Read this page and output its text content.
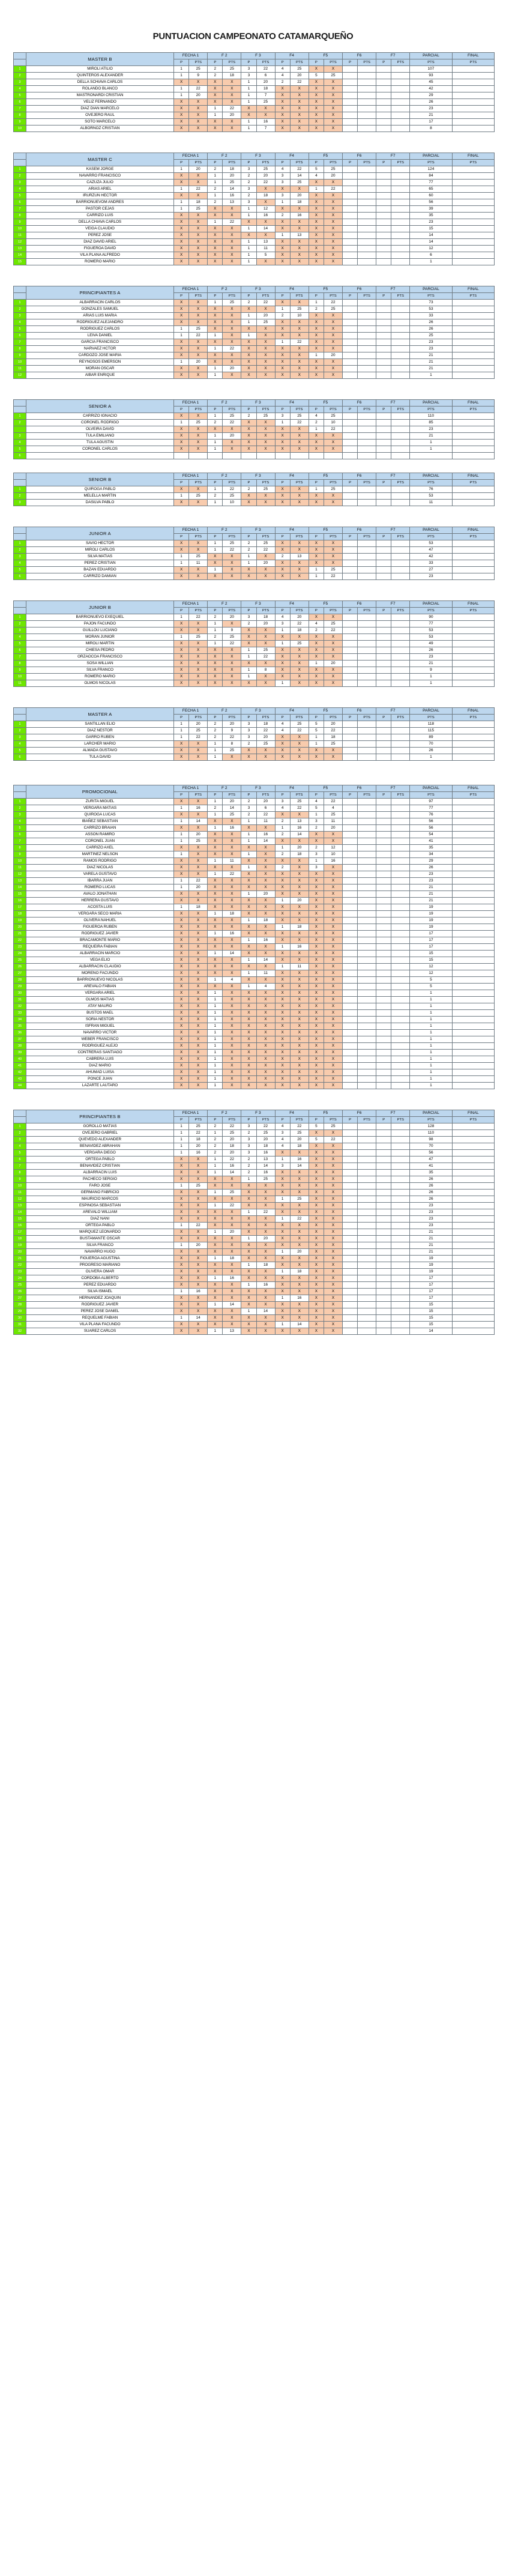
PUNTUACION CAMPEONATO CATAMARQUEÑO
	MASTER B	FECHA 1		F 2		F 3		F4		F5		F6		F7		PARCIAL	FINAL
		P	PTS	P	PTS	P	PTS	P	PTS	P	PTS	P	PTS	P	PTS	PTS	PTS
1	MIROLI ATILIO	1	25	2	25	3	22	4	25	X	X					107	
2	QUINTEROS ALEXANDER	1	9	2	18	3	6	4	20	5	25					93	
3	DELLA SCHIAVA CARLOS	X	X	X	X	1	20	2	22	X	X					45	
4	ROLANDO BLANCO	1	22	X	X	1	18	X	X	X	X					42	
5	MASTRONARDI CRISTIAN	1	20	X	X	1	7	X	X	X	X					29	
6	VELIZ FERNANDO	X	X	X	X	1	25	X	X	X	X					26	
7	DIAZ DIAN MARCELO	X	X	1	22	X	X	X	X	X	X					23	
8	OVEJERO RAUL	X	X	1	20	X	X	X	X	X	X					21	
9	SOTO MARCELO	X	X	X	X	1	16	X	X	X	X					17	
10	ALBORNOZ CRISTIAN	X	X	X	X	1	7	X	X	X	X					8	
	MASTER C	FECHA 1		F 2		F 3		F4		F5		F6		F7		PARCIAL	FINAL
		P	PTS	P	PTS	P	PTS	P	PTS	P	PTS	P	PTS	P	PTS	PTS	PTS
1	KASEM JORGE	1	20	2	18	3	25	4	22	5	25					124	
2	NAVARRO FRANCISCO	X	X	1	20	2	20	3	14	4	20					84	
3	CAZUZA JULIO	X	X	1	25	2	22	3	25	X	X					77	
4	ARIAS ARIEL	1	22	2	14	3	X	X	X	1	22					65	
5	IRURZUN HECTOR	X	X	1	16	2	18	3	20	X	X					60	
6	BARRIONUEVOM ANDRES	1	18	2	13	3	X	1	18	X	X					56	
7	PASTOR CEJAS	1	25	X	X	1	12	X	X	X	X					39	
8	CARRIZO LUIS	X	X	X	X	1	16	2	16	X	X					35	
9	DELLA CHIAVA CARLOS	X	X	1	22	X	X	X	X	X	X					23	
10	VEIGA CLAUDIO	X	X	X	X	1	14	X	X	X	X					15	
11	PEREZ JOSE	X	X	X	X	X	X	1	13	X	X					14	
12	DIAZ DAVID ARIEL	X	X	X	X	1	13	X	X	X	X					14	
13	FIGUEROA DAVID	X	X	X	X	1	11	X	X	X	X					12	
14	VILA PLANA ALFREDO	X	X	X	X	1	5	X	X	X	X					6	
15	ROMERO MARIO	X	X	X	X	1	X	X	X	X	X					1	
	PRINCIPIANTES A	FECHA 1		F 2		F 3		F4		F5		F6		F7		PARCIAL	FINAL
		P	PTS	P	PTS	P	PTS	P	PTS	P	PTS	P	PTS	P	PTS	PTS	PTS
1	ALBARRACIN CARLOS	X	X	1	25	2	22	X	X	1	22					73	
2	GONZALES SAMUEL	X	X	X	X	X	X	1	25	2	25					53	
3	ARIAS LUIS MARIA	X	X	X	X	1	20	2	10	X	X					33	
4	RODRIGUEZ ALEJANDRO	X	X	X	X	1	25	X	X	X	X					26	
5	RODRIGUEZ CARLOS	1	25	X	X	X	X	X	X	X	X					26	
6	LEIVA DANIEL	1	22	1	X	1	X	X	X	X	X					25	
7	GARCIA FRANCISCO	X	X	X	X	X	X	1	22	X	X					23	
8	NARVAEZ HCTOR	X	X	1	22	X	X	X	X	X	X					23	
9	CARDOZO JOSE MARIA	X	X	X	X	X	X	X	X	1	20					21	
10	REYNOSOS EMERSON	1	20	X	X	X	X	X	X	X	X					21	
11	MORAN OSCAR	X	X	1	20	X	X	X	X	X	X					21	
12	AIBAR ENRIQUE	X	X	1	X	X	X	X	X	X	X					1	
	SENIOR A	FECHA 1		F 2		F 3		F4		F5		F6		F7		PARCIAL	FINAL
		P	PTS	P	PTS	P	PTS	P	PTS	P	PTS	P	PTS	P	PTS	PTS	PTS
1	CARRIZO IGNACIO	X	X	1	25	2	25	3	25	4	25					110	
2	CORONEL RODRIGO	1	25	2	22	X	X	1	22	2	10					85	
	OLVEIRA DAVID	X	X	X	X	X	X	X	X	1	22					23	
3	TULA EMILIANO	X	X	1	20	X	X	X	X	X	X					21	
4	TULA AGUSTIN	X	X	1	X	X	X	X	X	X	X					1	
5	CORONEL CARLOS	X	X	1	X	X	X	X	X	X	X					1	
6																	
	SENIOR B	FECHA 1		F 2		F 3		F4		F5		F6		F7		PARCIAL	FINAL
		P	PTS	P	PTS	P	PTS	P	PTS	P	PTS	P	PTS	P	PTS	PTS	PTS
1	QUIROGA PABLO	X	X	1	22	2	25	X	X	1	25					76	
2	MELELLA MARTIN	1	25	2	25	X	X	X	X	X	X					53	
3	DASILVA PABLO	X	X	1	10	X	X	X	X	X	X					11	
	JUNIOR A	FECHA 1		F 2		F 3		F4		F5		F6		F7		PARCIAL	FINAL
		P	PTS	P	PTS	P	PTS	P	PTS	P	PTS	P	PTS	P	PTS	PTS	PTS
1	SAVIO HECTOR	X	X	1	25	2	25	X	X	X	X					53	
2	MIROLI CARLOS	X	X	1	22	2	22	X	X	X	X					47	
3	SILVA MATIAS	1	25	X	X	1	X	2	13	X	X					42	
4	PEREZ CRISTIAN	1	11	X	X	1	20	X	X	X	X					33	
5	BAZAN EDUARDO	X	X	1	X	X	X	X	X	1	25					27	
6	CARRIZO DAMIAN	X	X	X	X	X	X	X	X	1	22					23	
	JUNIOR B	FECHA 1		F 2		F 3		F4		F5		F6		F7		PARCIAL	FINAL
		P	PTS	P	PTS	P	PTS	P	PTS	P	PTS	P	PTS	P	PTS	PTS	PTS
1	BARRIONUEVO EXEQUIEL	1	22	2	20	3	18	4	20	X	X					90	
2	PAJON FACUNDO	X	X	1	X	2	20	3	22	4	25					77	
3	GUILLOU LUCIANO	X	X	1	9	X	X	1	18	2	22					53	
4	MORAN JUNIOR	1	25	2	25	X	X	X	X	X	X					53	
5	MIROLI MARTIN	X	X	1	22	X	X	1	25	X	X					49	
6	CHIESA PEDRO	X	X	X	X	1	25	X	X	X	X					26	
7	ORZAOCOA FRANCISCO	X	X	X	X	1	22	X	X	X	X					23	
8	SOSA WILLIAN	X	X	X	X	X	X	X	X	1	20					21	
9	SILVA FRANCO	X	X	X	X	1	8	X	X	X	X					9	
10	ROMERO MARIO	X	X	X	X	1	X	X	X	X	X					1	
11	OLMOS NICOLAS	X	X	X	X	X	X	1	X	X	X					1	
	MASTER A	FECHA 1		F 2		F 3		F4		F5		F6		F7		PARCIAL	FINAL
		P	PTS	P	PTS	P	PTS	P	PTS	P	PTS	P	PTS	P	PTS	PTS	PTS
1	SANTILLAN ELIO	1	20	2	20	3	18	4	25	5	20					118	
2	DIAZ NESTOR	1	25	2	9	3	22	4	22	5	22					115	
3	GARRO RUBEN	1	22	2	22	3	20	X	X	1	18					89	
4	LARCHER MARIO	X	X	1	8	2	25	X	X	1	25					70	
5	ALMADA GUSTAVO	X	X	1	25	X	X	X	X	X	X					26	
6	TULA DAVID	X	X	1	X	X	X	X	X	X	X					1	
	PROMOCIONAL	FECHA 1		F 2		F 3		F4		F5		F6		F7		PARCIAL	FINAL
		P	PTS	P	PTS	P	PTS	P	PTS	P	PTS	P	PTS	P	PTS	PTS	PTS
1	ZURITA MIGUEL	X	X	1	20	2	20	3	25	4	22					97	
2	VERGARA MATIAS	1	16	2	14	3	6	4	22	5	4					77	
3	QUIROGA LUCAS	X	X	1	25	2	22	X	X	1	25					76	
4	IBAÑEZ SEBASTIAN	1	14	X	X	1	11	2	13	3	11					56	
5	CARRIZO BRAIAN	X	X	1	16	X	X	1	16	2	20					56	
6	ASSON RAMIRO	1	20	X	X	1	16	2	14	X	X					54	
7	CORONEL JUAN	1	25	X	X	1	14	X	X	X	X					41	
8	CARRIZO AXEL	X	X	X	X	X	X	1	20	2	12					35	
9	MARTINEZ NELSON	1	X	X	X	1	X	2	18	3	10					34	
10	RAMOS RODRIGO	X	X	1	11	X	X	X	X	1	16					29	
11	DIAZ NICOLAS	X	X	X	X	1	X	2	X	3	X					26	
12	VARELA GUSTAVO	X	X	1	22	X	X	X	X	X	X					23	
13	IBARRA JUAN	1	22	X	X	X	X	X	X	X	X					23	
14	ROMERO LUCAS	1	20	X	X	X	X	X	X	X	X					21	
15	AVALO JONATHAN	X	X	X	X	1	20	X	X	X	X					21	
16	HERRERA GUSTAVO	X	X	X	X	X	X	1	20	X	X					21	
17	ACOSTA LUIS	1	18	X	X	X	X	X	X	X	X					19	
18	VERGARA SECO MARIA	X	X	1	18	X	X	X	X	X	X					19	
19	OLIVERA NAHUEL	X	X	X	X	1	18	X	X	X	X					19	
20	FIGUEROA RUBEN	X	X	X	X	X	X	1	18	X	X					19	
21	RODRIGUEZ JAVIER	X	X	1	16	X	X	X	X	X	X					17	
22	BRACAMONTE MARIO	X	X	X	X	1	16	X	X	X	X					17	
23	REQUEIRA FABIAN	X	X	X	X	X	X	1	16	X	X					17	
24	ALBARRACIN MARCIO	X	X	1	14	X	X	X	X	X	X					15	
25	VEGA ELIO	X	X	X	X	1	14	X	X	X	X					15	
26	ALBARRACIN CLAUDIO	X	X	X	X	X	X	1	11	X	X					12	
27	MORENO FACUNDO	X	X	X	X	1	11	X	X	X	X					12	
28	BARRIONUEVO NICOLAS	X	X	1	4	X	X	X	X	X	X					5	
29	AREVALO FABIAN	X	X	X	X	1	4	X	X	X	X					5	
30	VERGARA ARIEL	X	X	1	X	X	X	X	X	X	X					1	
31	OLMOS MATIAS	X	X	1	X	X	X	X	X	X	X					1	
32	ATAY MAURO	X	X	1	X	X	X	X	X	X	X					1	
33	BUSTOS MAEL	X	X	1	X	X	X	X	X	X	X					1	
34	SORIA NESTOR	X	X	1	X	X	X	X	X	X	X					1	
35	ISFRAN MIGUEL	X	X	1	X	X	X	X	X	X	X					1	
36	NAVARRO VICTOR	X	X	1	X	X	X	X	X	X	X					1	
37	WEBER FRANCISCO	X	X	1	X	X	X	X	X	X	X					1	
38	RODRIGUEZ ALEJO	X	X	1	X	X	X	X	X	X	X					1	
39	CONTRERAS SANTIAGO	X	X	1	X	X	X	X	X	X	X					1	
40	CABRERA LUIS	X	X	1	X	X	X	X	X	X	X					1	
41	DIAZ MARIO	X	X	1	X	X	X	X	X	X	X					1	
42	AHUMAD LUISA	X	X	1	X	X	X	X	X	X	X					1	
43	PONCE JUAN	X	X	1	X	X	X	X	X	X	X					1	
44	LAZARTE LAUTARO	X	X	1	X	X	X	X	X	X	X					1	
	PRINCIPIANTES B	FECHA 1		F 2		F 3		F4		F5		F6		F7		PARCIAL	FINAL
		P	PTS	P	PTS	P	PTS	P	PTS	P	PTS	P	PTS	P	PTS	PTS	PTS
1	GOROLLO MATIAS	1	25	2	22	3	22	4	22	5	25					128	
2	OVEJERO GABRIEL	1	22	1	25	2	25	3	25	X	X					110	
3	QUEVEDO ALEXANDER	1	18	2	20	3	20	4	20	5	22					98	
4	BENAVIDEZ ABRAHAN	1	20	2	18	3	18	4	18	X	X					70	
5	VERGARA DIEGO	1	16	2	20	3	16	X	X	X	X					56	
6	ORTEGA PABLO	X	X	1	22	2	13	1	16	X	X					47	
7	BENAVIDEZ CRISTIAN	X	X	1	16	2	14	3	14	X	X					41	
8	ALBARRACIN LUIS	X	X	1	14	2	16	X	X	X	X					35	
9	PACHECO SERGIO	X	X	X	X	1	25	X	X	X	X					26	
10	FARO JOSE	1	25	X	X	X	X	X	X	X	X					26	
11	GERMANO FABRICIO	X	X	1	25	X	X	X	X	X	X					26	
12	MAURICIO MARCOS	X	X	X	X	X	X	1	25	X	X					26	
13	ESPINOSA SEBASTIAN	X	X	1	22	X	X	X	X	X	X					23	
14	AREVALO WILLIAM	X	X	X	X	1	22	X	X	X	X					23	
15	DIAZ NANI	X	X	X	X	X	X	1	22	X	X					23	
16	ORTEGA PABLO	1	22	X	X	X	X	X	X	X	X					23	
17	MARQUEZ LEONARDO	X	X	1	20	X	X	X	X	X	X					21	
18	BUSTAMANTE OSCAR	X	X	X	X	1	20	X	X	X	X					21	
19	SILVA FRANCO	1	20	X	X	X	X	X	X	X	X					21	
20	NAVARRO HUGO	X	X	X	X	X	X	1	20	X	X					21	
21	FIGUEROA AGUSTINA	X	X	1	18	X	X	X	X	X	X					19	
22	PROGRESO MARIANO	X	X	X	X	1	18	X	X	X	X					19	
23	OLIVERA OMAR	X	X	X	X	X	X	1	18	X	X					19	
24	CORDOBA ALBERTO	X	X	1	16	X	X	X	X	X	X					17	
25	PEREZ EDUARDO	X	X	X	X	1	16	X	X	X	X					17	
26	SILVA ISMAEL	1	16	X	X	X	X	X	X	X	X					17	
27	HERNANDEZ JOAQUIN	X	X	X	X	X	X	1	16	X	X					17	
28	RODRIGUEZ JAVIER	X	X	1	14	X	X	X	X	X	X					15	
29	PEREZ JOSE DANIEL	X	X	X	X	1	14	X	X	X	X					15	
30	REQUELME FABIAN	1	14	X	X	X	X	X	X	X	X					15	
31	VILA PLANA FACUNDO	X	X	X	X	X	X	1	14	X	X					15	
32	SUAREZ CARLOS	X	X	1	13	X	X	X	X	X	X					14	
